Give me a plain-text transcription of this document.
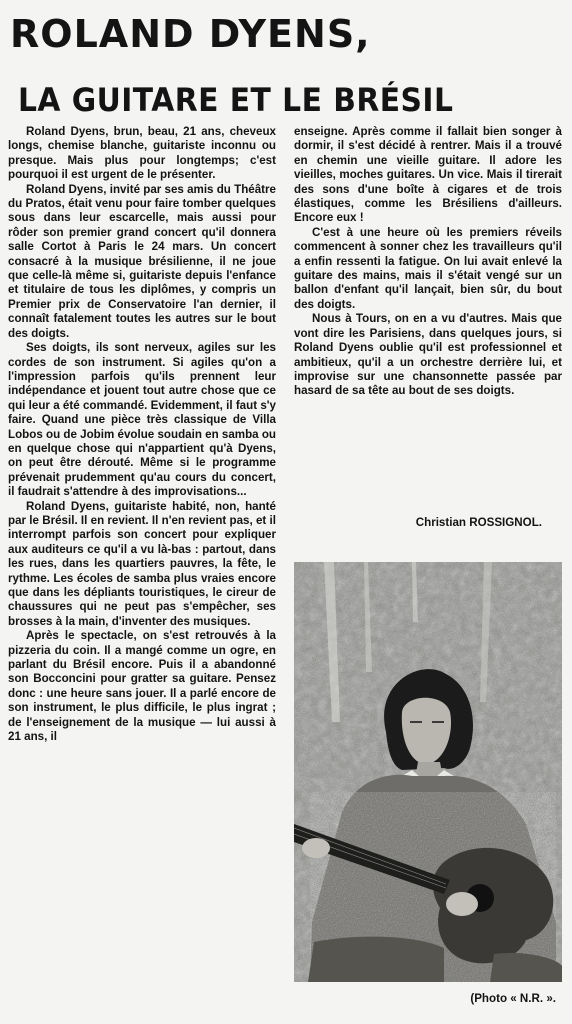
ROLAND DYENS,
LA GUITARE ET LE BRÉSIL

Roland Dyens, brun, beau, 21 ans, cheveux longs, chemise blanche, guitariste inconnu ou presque. Mais plus pour longtemps; c'est pourquoi il est urgent de le présenter.

Roland Dyens, invité par ses amis du Théâtre du Pratos, était venu pour faire tomber quelques sous dans leur escarcelle, mais aussi pour rôder son premier grand concert qu'il donnera salle Cortot à Paris le 24 mars. Un concert consacré à la musique brésilienne, il ne joue que celle-là même si, guitariste depuis l'enfance et titulaire de tous les diplômes, y compris un Premier prix de Conservatoire l'an dernier, il connaît fatalement toutes les autres sur le bout des doigts.

Ses doigts, ils sont nerveux, agiles sur les cordes de son instrument. Si agiles qu'on a l'impression parfois qu'ils prennent leur indépendance et jouent tout autre chose que ce qui leur a été commandé. Evidemment, il faut s'y faire. Quand une pièce très classique de Villa Lobos ou de Jobim évolue soudain en samba ou en quelque chose qui n'appartient qu'à Dyens, on peut être dérouté. Même si le programme prévenait prudemment qu'au cours du concert, il faudrait s'attendre à des improvisations...

Roland Dyens, guitariste habité, non, hanté par le Brésil. Il en revient. Il n'en revient pas, et il interrompt parfois son concert pour expliquer aux auditeurs ce qu'il a vu là-bas : partout, dans les rues, dans les quartiers pauvres, la fête, le rythme. Les écoles de samba plus vraies encore que dans les dépliants touristiques, le cireur de chaussures qui ne peut pas s'empêcher, ses brosses à la main, d'inventer des musiques.

Après le spectacle, on s'est retrouvés à la pizzeria du coin. Il a mangé comme un ogre, en parlant du Brésil encore. Puis il a abandonné son Bocconcini pour gratter sa guitare. Pensez donc : une heure sans jouer. Il a parlé encore de son instrument, le plus difficile, le plus ingrat ; de l'enseignement de la musique — lui aussi à 21 ans, il

enseigne. Après comme il fallait bien songer à dormir, il s'est décidé à rentrer. Mais il a trouvé en chemin une vieille guitare. Il adore les vieilles, moches guitares. Un vice. Mais il tirerait des sons d'une boîte à cigares et de trois élastiques, comme les Brésiliens d'ailleurs. Encore eux !

C'est à une heure où les premiers réveils commencent à sonner chez les travailleurs qu'il a enfin ressenti la fatigue. On lui avait enlevé la guitare des mains, mais il s'était vengé sur un ballon d'enfant qu'il lançait, bien sûr, du bout des doigts.

Nous à Tours, on en a vu d'autres. Mais que vont dire les Parisiens, dans quelques jours, si Roland Dyens oublie qu'il est professionnel et ambitieux, qu'il a un orchestre derrière lui, et improvise sur une chansonnette passée par hasard de sa tête au bout de ses doigts.

Christian ROSSIGNOL.
(Photo « N.R. ».
